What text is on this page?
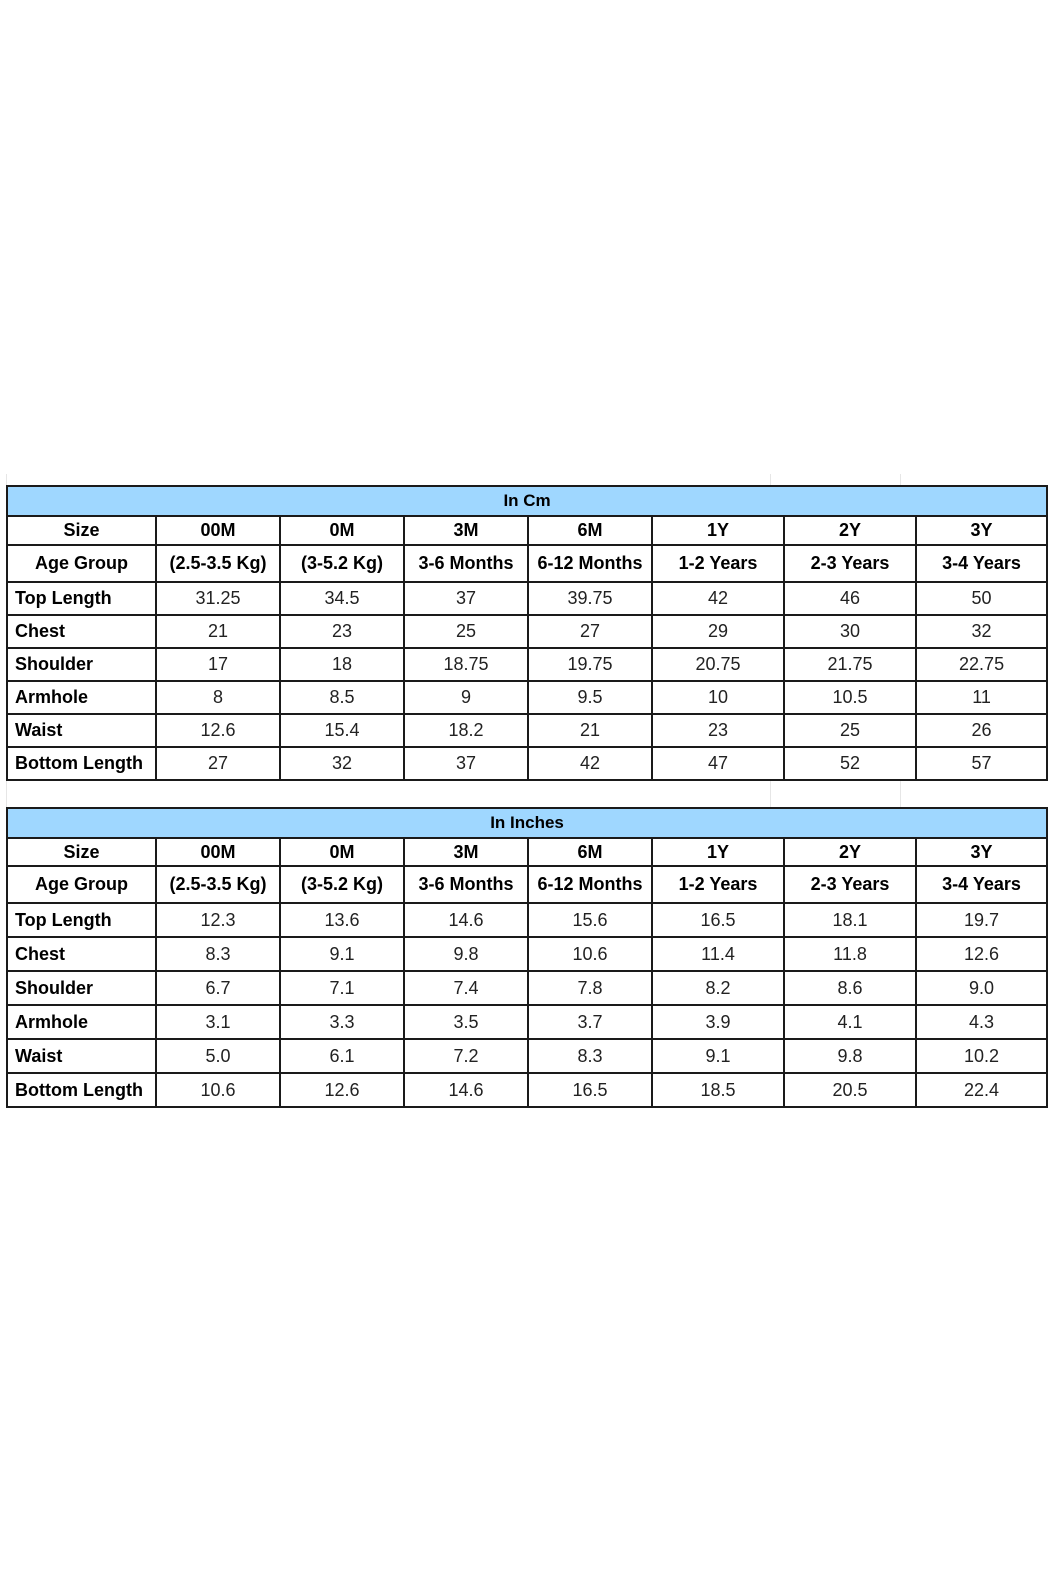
In Cm							
Size	00M	0M	3M	6M	1Y	2Y	3Y
Age Group	(2.5-3.5 Kg)	(3-5.2 Kg)	3-6 Months	6-12 Months	1-2 Years	2-3 Years	3-4 Years
Top Length	31.25	34.5	37	39.75	42	46	50
Chest	21	23	25	27	29	30	32
Shoulder	17	18	18.75	19.75	20.75	21.75	22.75
Armhole	8	8.5	9	9.5	10	10.5	11
Waist	12.6	15.4	18.2	21	23	25	26
Bottom Length	27	32	37	42	47	52	57
In Inches							
Size	00M	0M	3M	6M	1Y	2Y	3Y
Age Group	(2.5-3.5 Kg)	(3-5.2 Kg)	3-6 Months	6-12 Months	1-2 Years	2-3 Years	3-4 Years
Top Length	12.3	13.6	14.6	15.6	16.5	18.1	19.7
Chest	8.3	9.1	9.8	10.6	11.4	11.8	12.6
Shoulder	6.7	7.1	7.4	7.8	8.2	8.6	9.0
Armhole	3.1	3.3	3.5	3.7	3.9	4.1	4.3
Waist	5.0	6.1	7.2	8.3	9.1	9.8	10.2
Bottom Length	10.6	12.6	14.6	16.5	18.5	20.5	22.4
